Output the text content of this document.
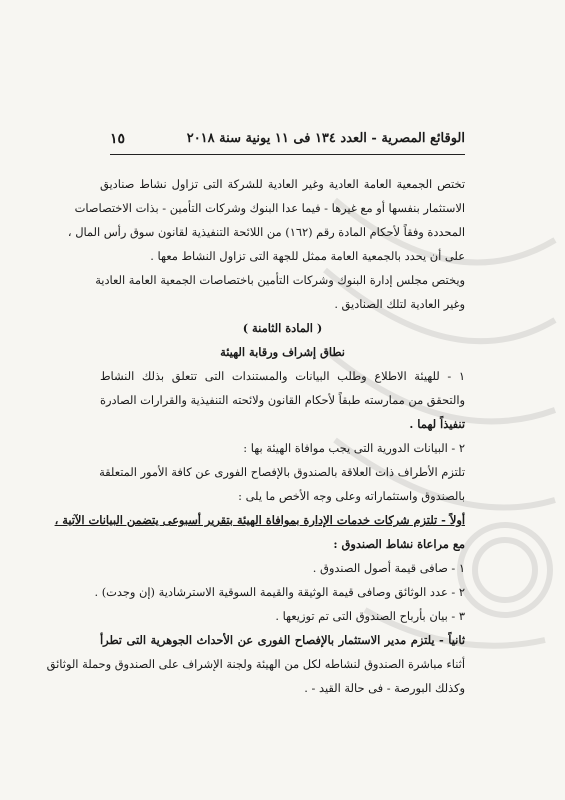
الوقائع المصرية - العدد ١٣٤ فى ١١ يونية سنة ٢٠١٨
١٥
تختص الجمعية العامة العادية وغير العادية للشركة التى تزاول نشاط صناديق
الاستثمار بنفسها أو مع غيرها - فيما عدا البنوك وشركات التأمين - بذات الاختصاصات
المحددة وفقاً لأحكام المادة رقم (١٦٢) من اللائحة التنفيذية لقانون سوق رأس المال ،
على أن يحدد بالجمعية العامة ممثل للجهة التى تزاول النشاط معها .
ويختص مجلس إدارة البنوك وشركات التأمين باختصاصات الجمعية العامة العادية
وغير العادية لتلك الصناديق .
( المادة الثامنة )
نطاق إشراف ورقابة الهيئة
١ - للهيئة الاطلاع وطلب البيانات والمستندات التى تتعلق بذلك النشاط
والتحقق من ممارسته طبقاً لأحكام القانون ولائحته التنفيذية والقرارات الصادرة
تنفيذاً لهما .
٢ - البيانات الدورية التى يجب موافاة الهيئة بها :
تلتزم الأطراف ذات العلاقة بالصندوق بالإفصاح الفورى عن كافة الأمور المتعلقة
بالصندوق واستثماراته وعلى وجه الأخص ما يلى :
أولاً - تلتزم شركات خدمات الإدارة بموافاة الهيئة بتقرير أسبوعى يتضمن البيانات الآتية ،
مع مراعاة نشاط الصندوق :
١ - صافى قيمة أصول الصندوق .
٢ - عدد الوثائق وصافى قيمة الوثيقة والقيمة السوقية الاسترشادية (إن وجدت) .
٣ - بيان بأرباح الصندوق التى تم توزيعها .
ثانياً - يلتزم مدير الاستثمار بالإفصاح الفورى عن الأحداث الجوهرية التى تطرأ
أثناء مباشرة الصندوق لنشاطه لكل من الهيئة ولجنة الإشراف على الصندوق وحملة الوثائق
وكذلك البورصة - فى حالة القيد - .
